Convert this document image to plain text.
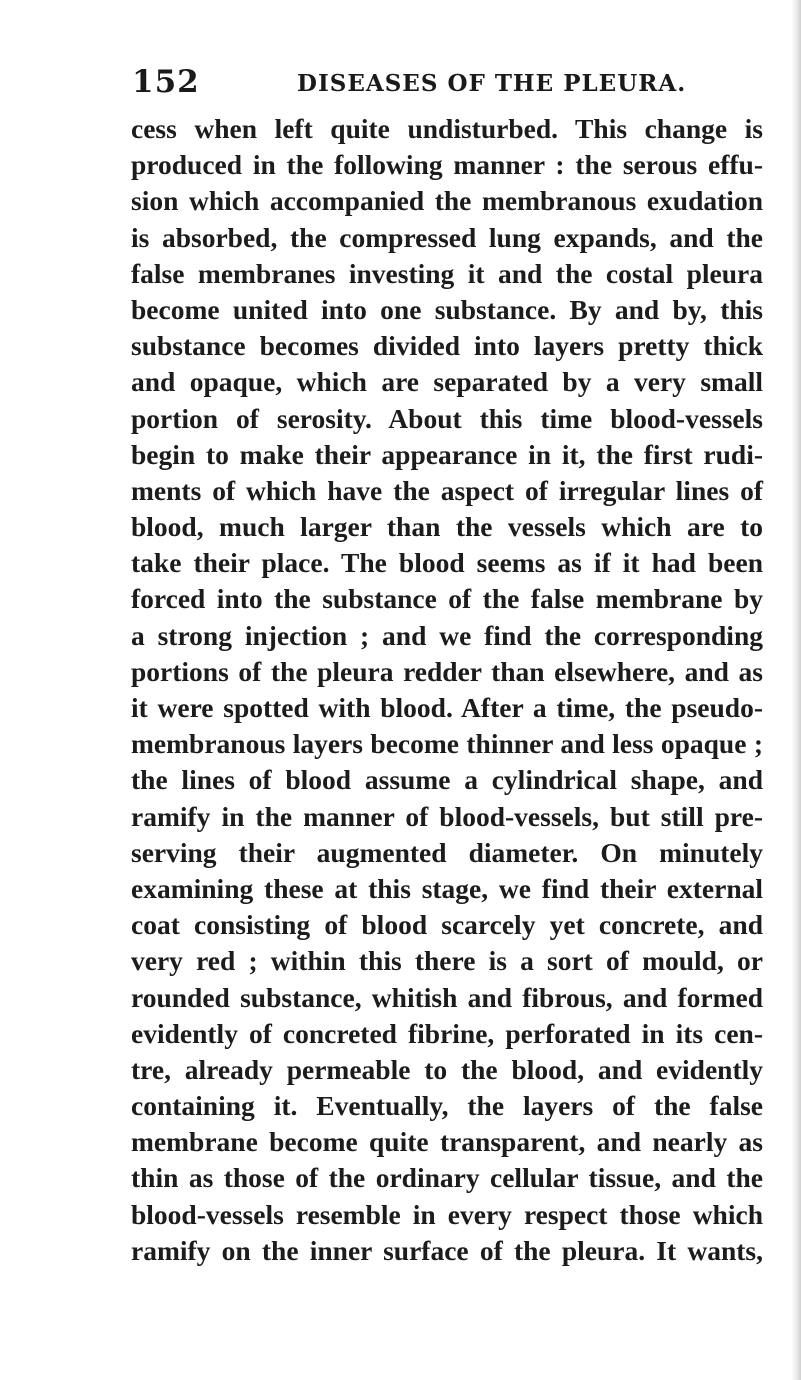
152	DISEASES OF THE PLEURA.
cess when left quite undisturbed. This change is
produced in the following manner : the serous effu-
sion which accompanied the membranous exudation
is absorbed, the compressed lung expands, and the
false membranes investing it and the costal pleura
become united into one substance. By and by, this
substance becomes divided into layers pretty thick
and opaque, which are separated by a very small
portion of serosity. About this time blood-vessels
begin to make their appearance in it, the first rudi-
ments of which have the aspect of irregular lines of
blood, much larger than the vessels which are to
take their place. The blood seems as if it had been
forced into the substance of the false membrane by
a strong injection ; and we find the corresponding
portions of the pleura redder than elsewhere, and as
it were spotted with blood. After a time, the pseudo-
membranous layers become thinner and less opaque ;
the lines of blood assume a cylindrical shape, and
ramify in the manner of blood-vessels, but still pre-
serving their augmented diameter. On minutely
examining these at this stage, we find their external
coat consisting of blood scarcely yet concrete, and
very red ; within this there is a sort of mould, or
rounded substance, whitish and fibrous, and formed
evidently of concreted fibrine, perforated in its cen-
tre, already permeable to the blood, and evidently
containing it. Eventually, the layers of the false
membrane become quite transparent, and nearly as
thin as those of the ordinary cellular tissue, and the
blood-vessels resemble in every respect those which
ramify on the inner surface of the pleura. It wants,
